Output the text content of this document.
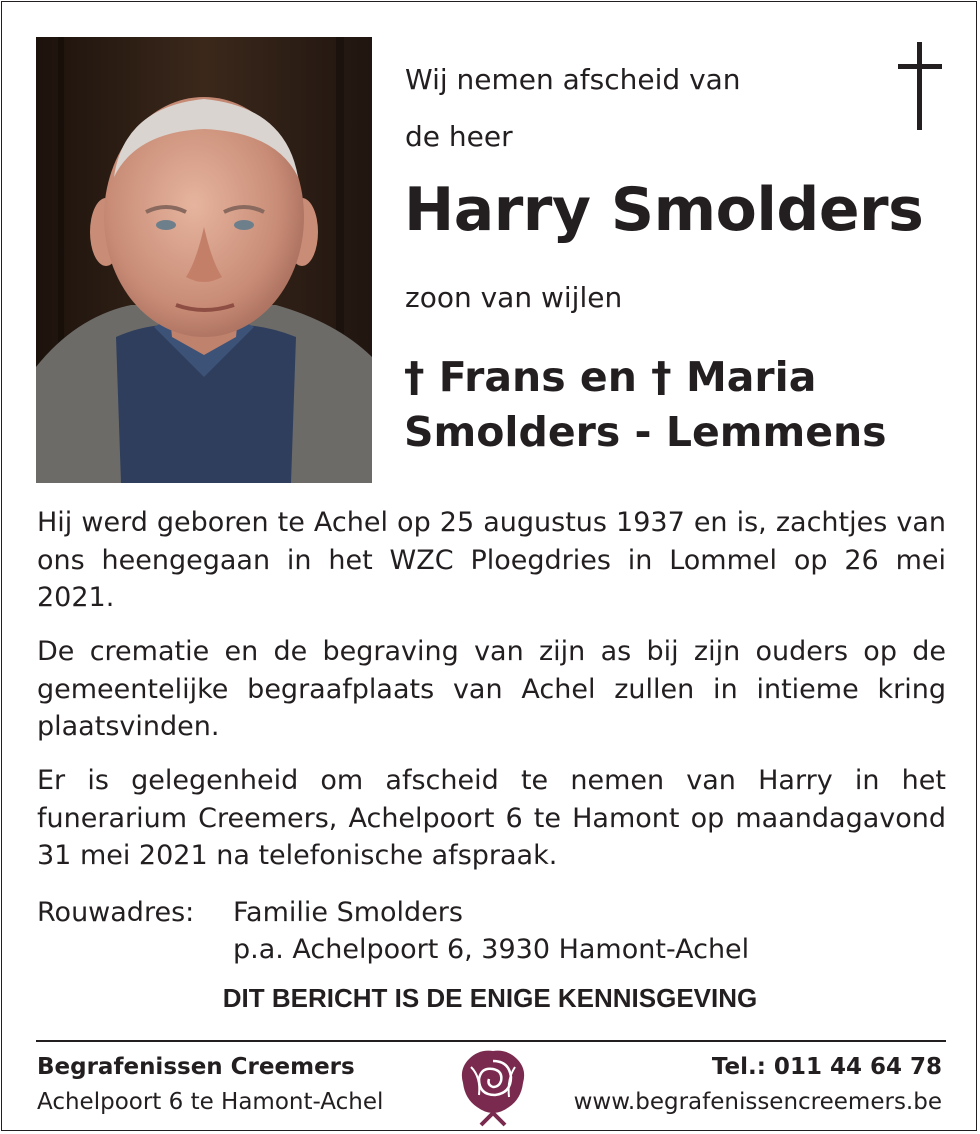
Wij nemen afscheid van
de heer
Harry Smolders
zoon van wijlen
† Frans en † Maria
Smolders - Lemmens
Hij werd geboren te Achel op 25 augustus 1937 en is, zachtjes van ons heengegaan in het WZC Ploegdries in Lommel op 26 mei 2021.
De crematie en de begraving van zijn as bij zijn ouders op de gemeentelijke begraafplaats van Achel zullen in intieme kring plaatsvinden.
Er is gelegenheid om afscheid te nemen van Harry in het funerarium Creemers, Achelpoort 6 te Hamont op maandagavond 31 mei 2021 na telefonische afspraak.
Rouwadres:	Familie Smolders
p.a. Achelpoort 6, 3930 Hamont-Achel
DIT BERICHT IS DE ENIGE KENNISGEVING
Begrafenissen Creemers
Achelpoort 6 te Hamont-Achel
Tel.: 011 44 64 78
www.begrafenissencreemers.be
